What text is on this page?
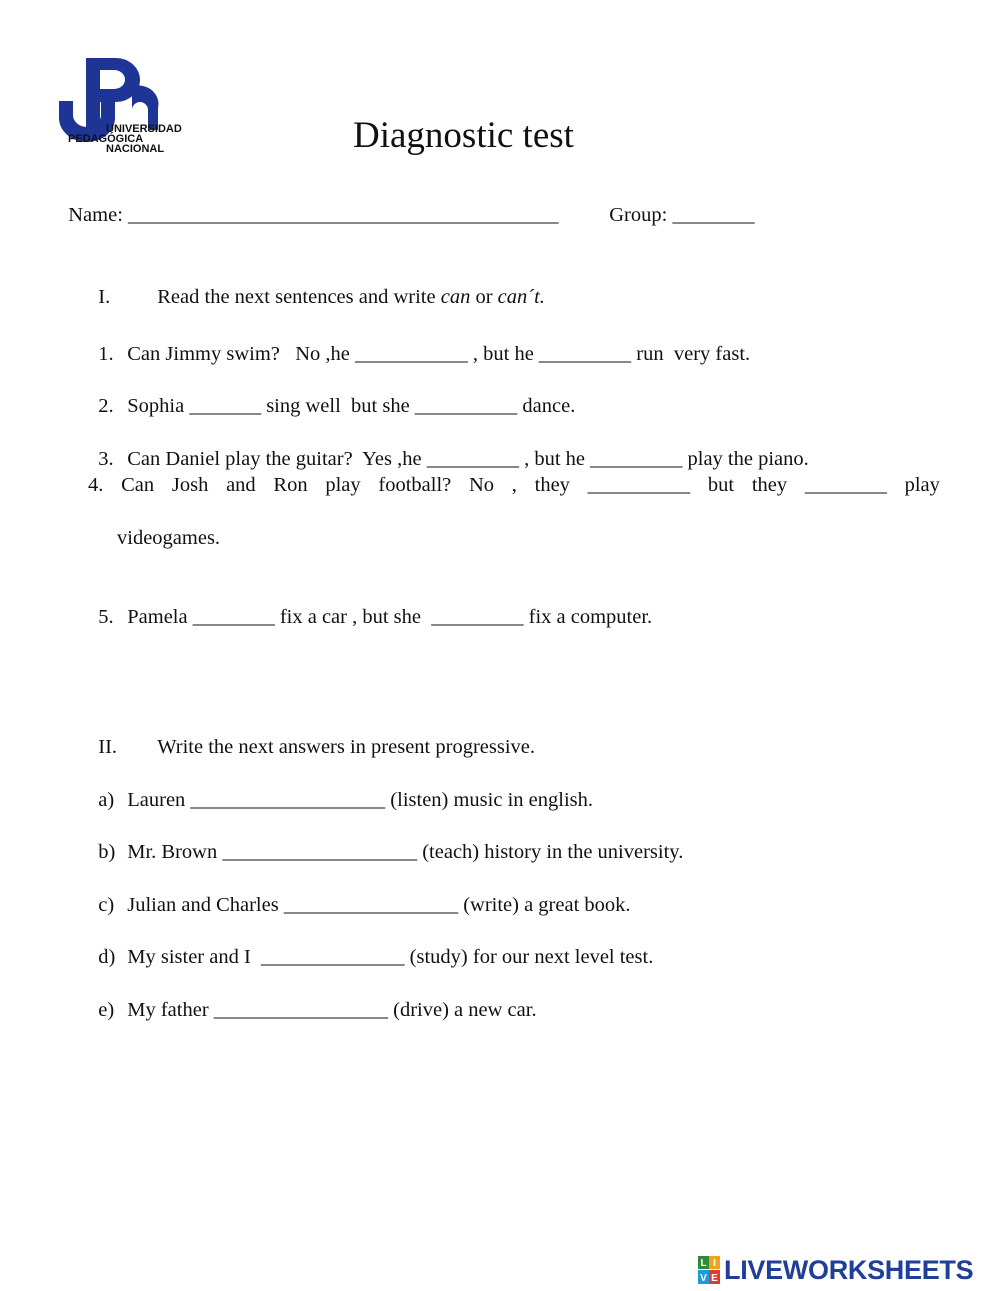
UNIVERSIDAD
PEDAGÓGICA
NACIONAL	Diagnostic test

Name: __________________________________________	Group: ________

I. Read the next sentences and write can or can´t.

1. Can Jimmy swim?   No ,he ___________ , but he _________ run  very fast.

2. Sophia _______ sing well  but she __________ dance.

3. Can Daniel play the guitar?  Yes ,he _________ , but he _________ play the piano.

4. Can Josh and Ron play football? No , they __________ but they ________ play
videogames.

5. Pamela ________ fix a car , but she  _________ fix a computer.

II. Write the next answers in present progressive.

a) Lauren ___________________ (listen) music in english.

b) Mr. Brown ___________________ (teach) history in the university.

c) Julian and Charles _________________ (write) a great book.

d) My sister and I  ______________ (study) for our next level test.

e) My father _________________ (drive) a new car.

L I
V E LIVEWORKSHEETS
